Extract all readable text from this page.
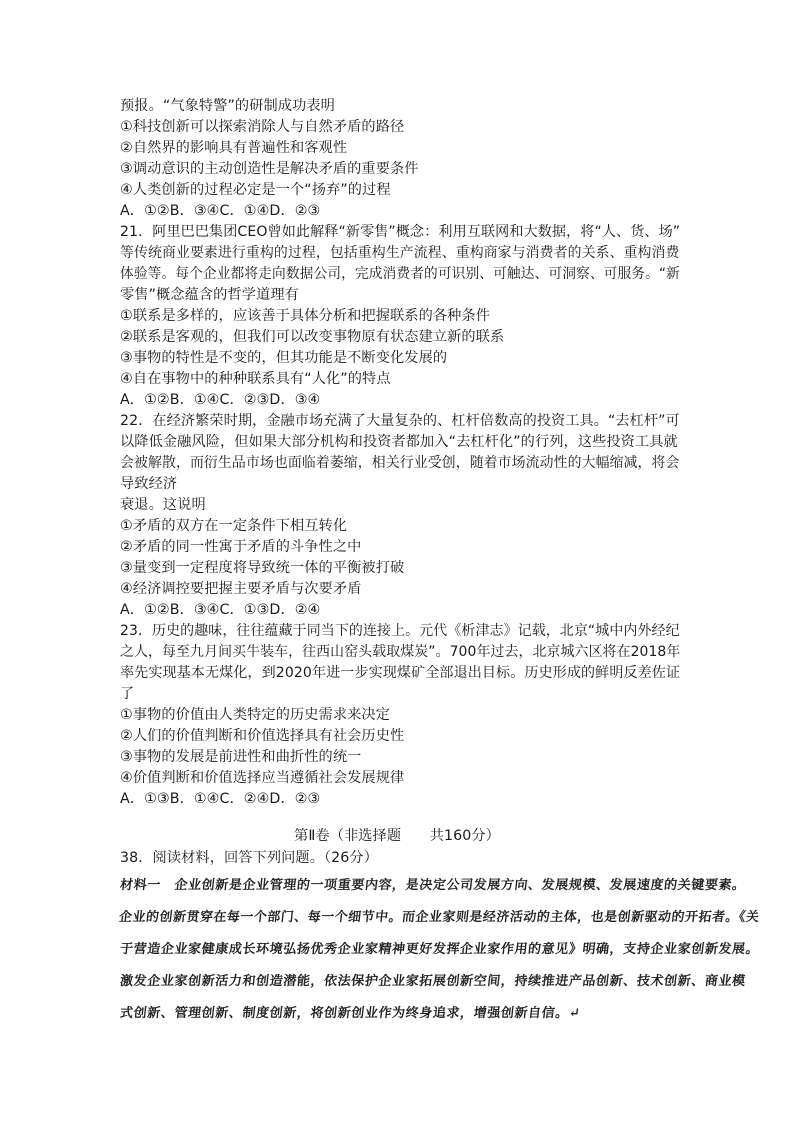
预报。“气象特警”的研制成功表明
①科技创新可以探索消除人与自然矛盾的路径
②自然界的影响具有普遍性和客观性
③调动意识的主动创造性是解决矛盾的重要条件
④人类创新的过程必定是一个“扬弃”的过程
A．①②B．③④C．①④D．②③
21．阿里巴巴集团CEO曾如此解释“新零售”概念：利用互联网和大数据，将“人、货、场”
等传统商业要素进行重构的过程，包括重构生产流程、重构商家与消费者的关系、重构消费
体验等。每个企业都将走向数据公司，完成消费者的可识别、可触达、可洞察、可服务。“新
零售”概念蕴含的哲学道理有
①联系是多样的，应该善于具体分析和把握联系的各种条件
②联系是客观的，但我们可以改变事物原有状态建立新的联系
③事物的特性是不变的，但其功能是不断变化发展的
④自在事物中的种种联系具有“人化”的特点
A．①②B．①④C．②③D．③④
22．在经济繁荣时期，金融市场充满了大量复杂的、杠杆倍数高的投资工具。“去杠杆”可
以降低金融风险，但如果大部分机构和投资者都加入“去杠杆化”的行列，这些投资工具就
会被解散，而衍生品市场也面临着萎缩，相关行业受创，随着市场流动性的大幅缩减，将会
导致经济
衰退。这说明
①矛盾的双方在一定条件下相互转化
②矛盾的同一性寓于矛盾的斗争性之中
③量变到一定程度将导致统一体的平衡被打破
④经济调控要把握主要矛盾与次要矛盾
A．①②B．③④C．①③D．②④
23．历史的趣味，往往蕴藏于同当下的连接上。元代《析津志》记载，北京“城中内外经纪
之人，每至九月间买牛装车，往西山窑头载取煤炭”。700年过去，北京城六区将在2018年
率先实现基本无煤化，到2020年进一步实现煤矿全部退出目标。历史形成的鲜明反差佐证
了
①事物的价值由人类特定的历史需求来决定
②人们的价值判断和价值选择具有社会历史性
③事物的发展是前进性和曲折性的统一
④价值判断和价值选择应当遵循社会发展规律
A．①③B．①④C．②④D．②③
第Ⅱ卷（非选择题　　共160分）
38．阅读材料，回答下列问题。（26分）
材料一　企业创新是企业管理的一项重要内容，是决定公司发展方向、发展规模、发展速度的关键要素。
企业的创新贯穿在每一个部门、每一个细节中。而企业家则是经济活动的主体，也是创新驱动的开拓者。《关
于营造企业家健康成长环境弘扬优秀企业家精神更好发挥企业家作用的意见》明确，支持企业家创新发展。
激发企业家创新活力和创造潜能，依法保护企业家拓展创新空间，持续推进产品创新、技术创新、商业模
式创新、管理创新、制度创新，将创新创业作为终身追求，增强创新自信。↵
